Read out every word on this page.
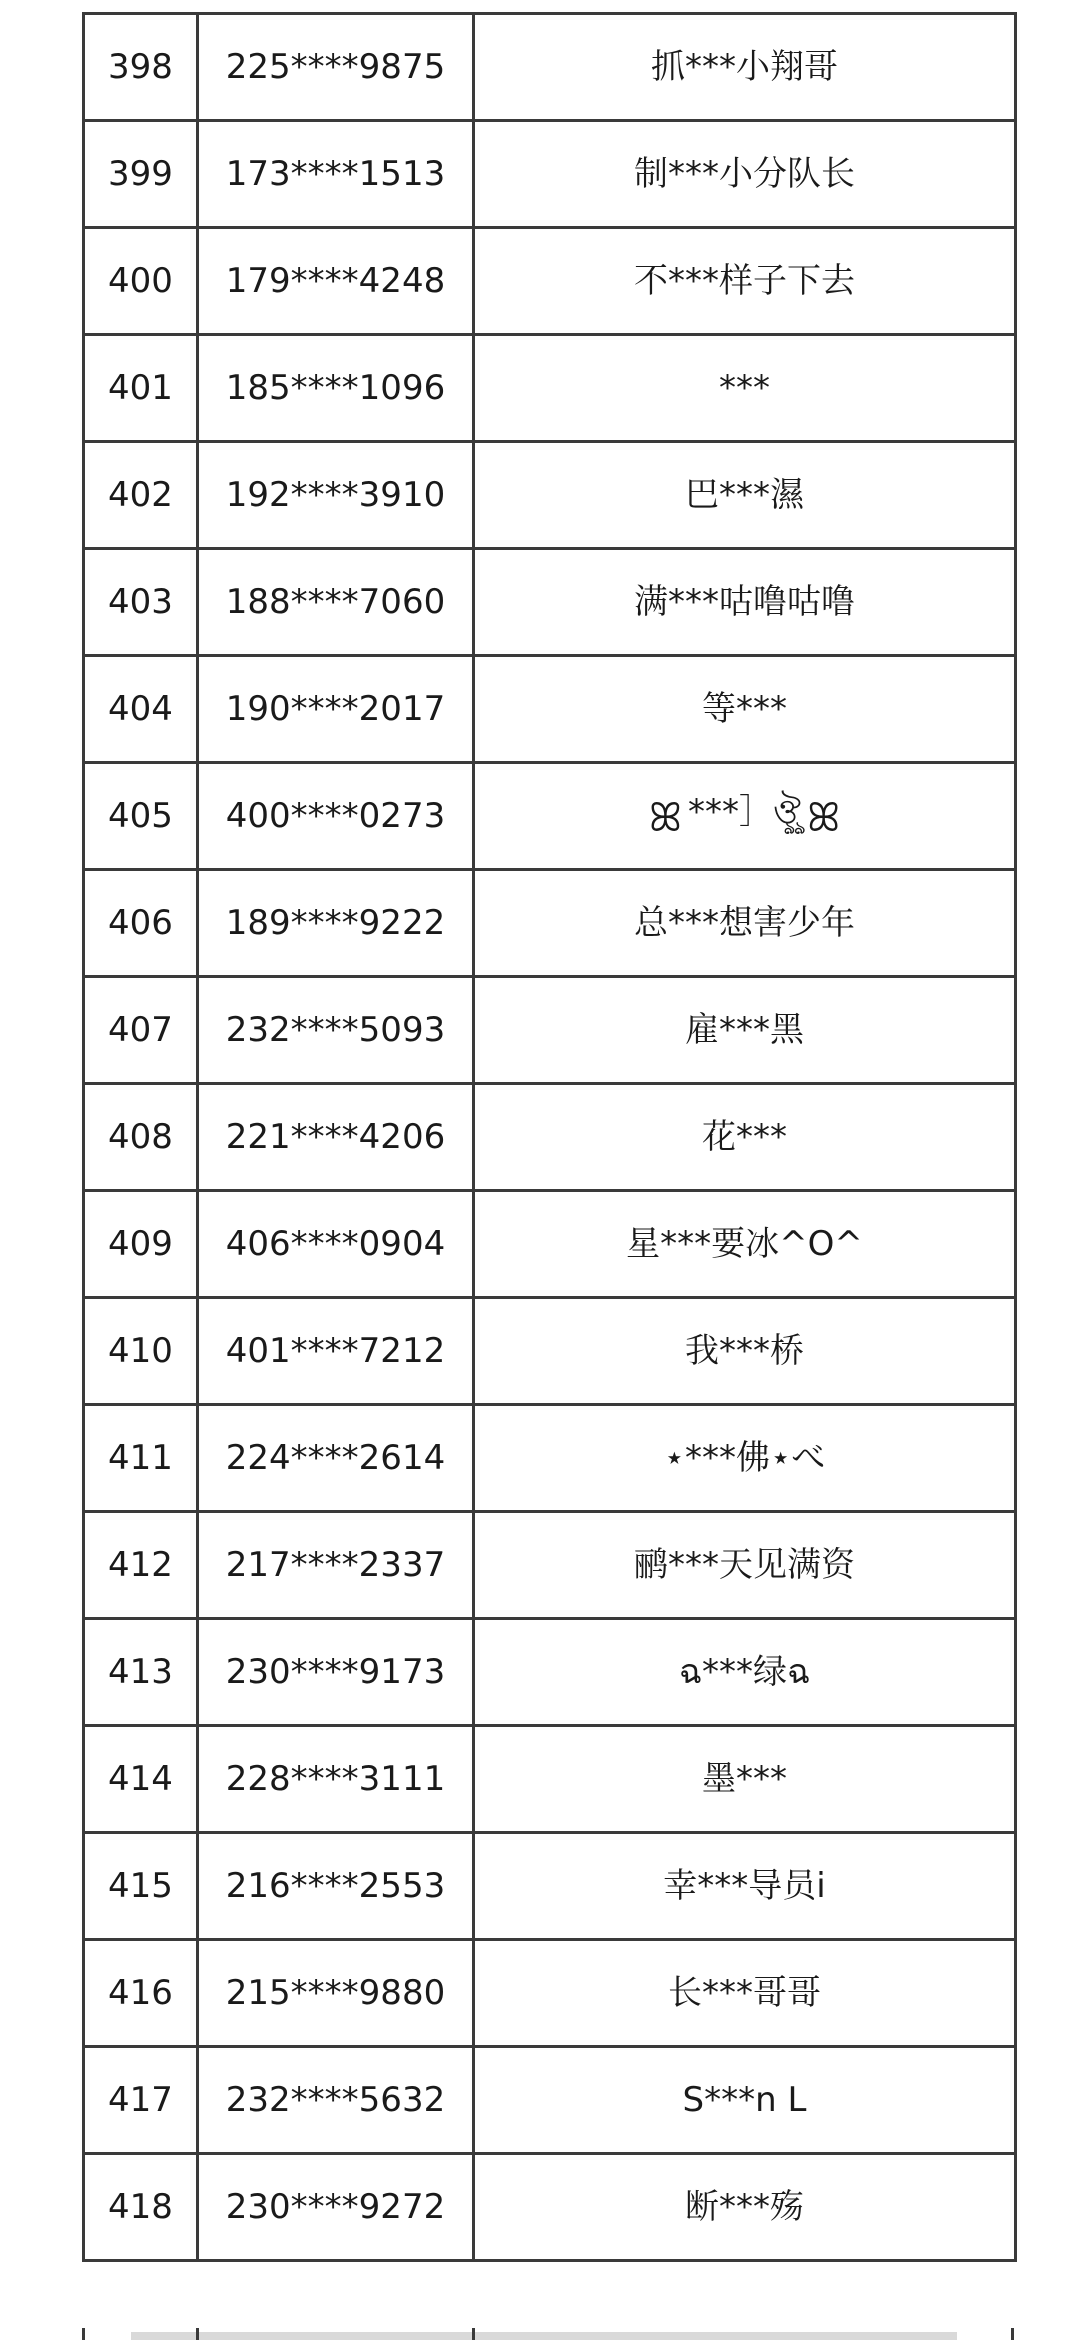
398	225****9875	抓***小翔哥
399	173****1513	制***小分队长
400	179****4248	不***样子下去
401	185****1096	***
402	192****3910	巴***濕
403	188****7060	满***咕噜咕噜
404	190****2017	等***
405	400****0273	ꕤ ***］ঔৣ ꕤ
406	189****9222	总***想害少年
407	232****5093	雇***黑
408	221****4206	花***
409	406****0904	星***要冰^O^
410	401****7212	我***桥
411	224****2614	⋆***佛⋆べ
412	217****2337	鹂***天见满资
413	230****9173	ฉ***绿ฉ
414	228****3111	墨***
415	216****2553	幸***导员i
416	215****9880	长***哥哥
417	232****5632	S***n L
418	230****9272	断***殇
